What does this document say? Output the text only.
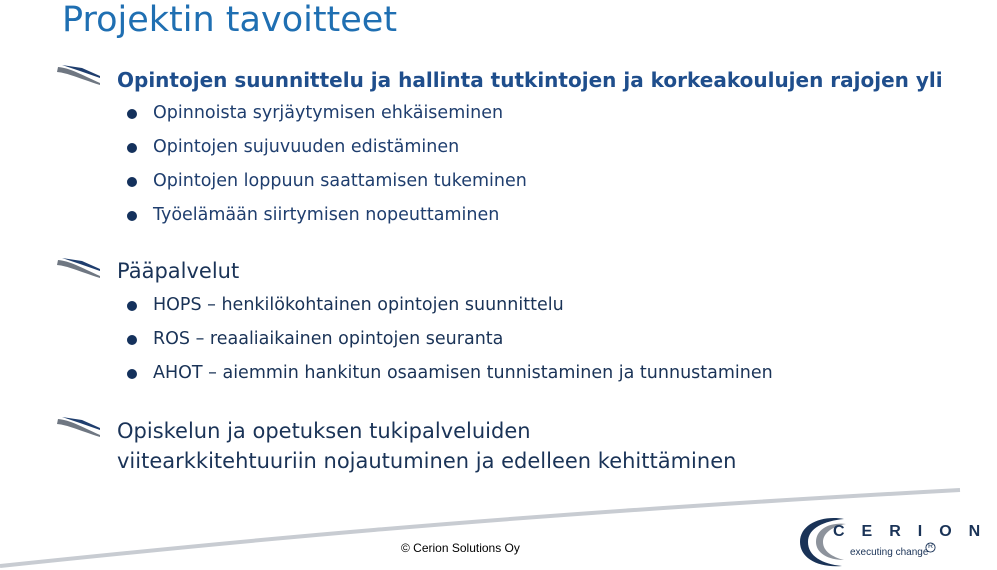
Projektin tavoitteet
Opintojen suunnittelu ja hallinta tutkintojen ja korkeakoulujen rajojen yli
Opinnoista syrjäytymisen ehkäiseminen
Opintojen sujuvuuden edistäminen
Opintojen loppuun saattamisen tukeminen
Työelämään siirtymisen nopeuttaminen
Pääpalvelut
HOPS – henkilökohtainen opintojen suunnittelu
ROS – reaaliaikainen opintojen seuranta
AHOT – aiemmin hankitun osaamisen tunnistaminen ja tunnustaminen
Opiskelun ja opetuksen tukipalveluiden
viitearkkitehtuuriin nojautuminen ja edelleen kehittäminen
© Cerion Solutions Oy
CERION
executing change
R
